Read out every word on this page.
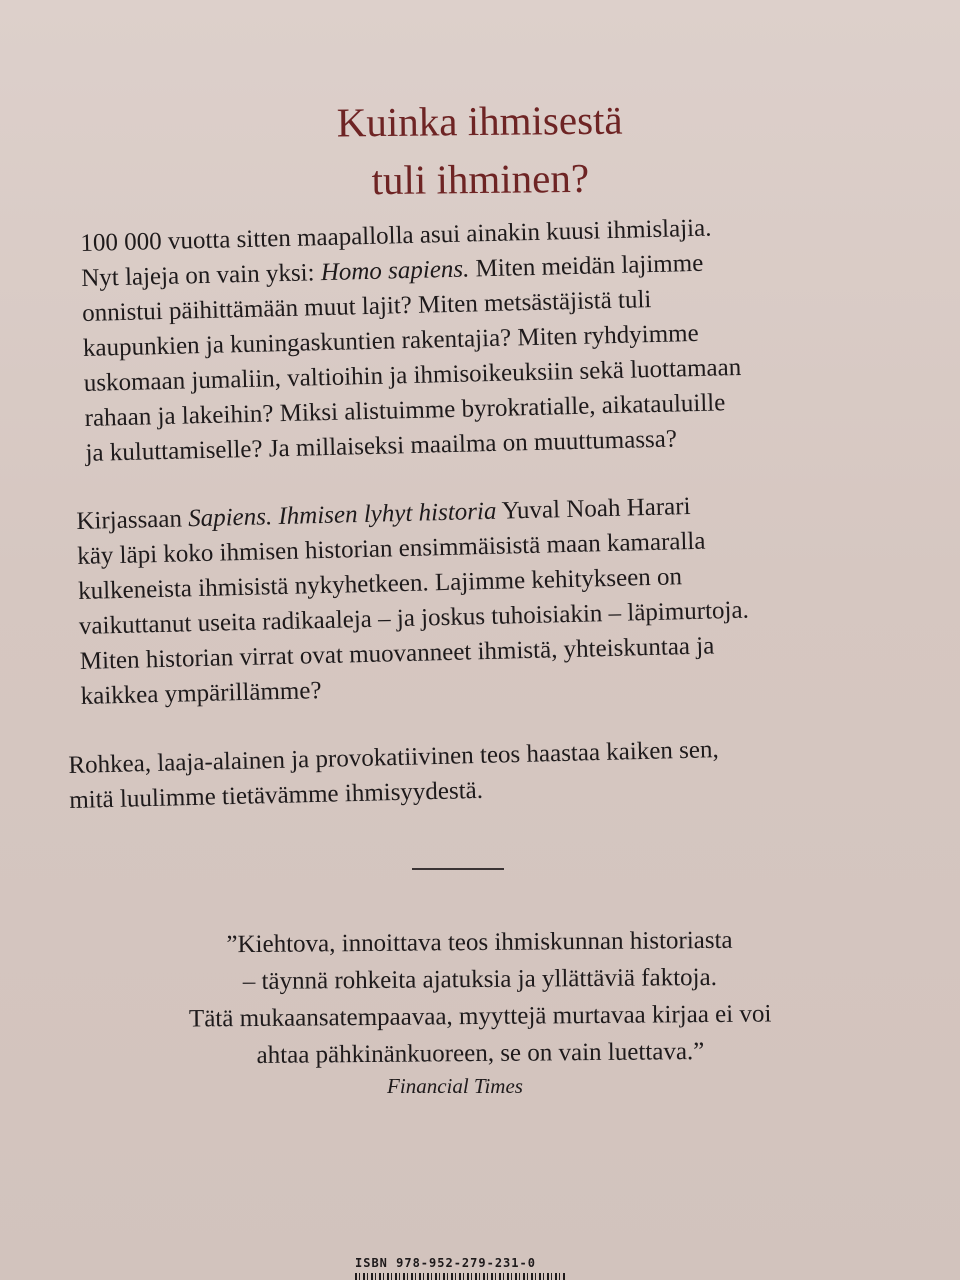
Kuinka ihmisestä
tuli ihminen?
100 000 vuotta sitten maapallolla asui ainakin kuusi ihmislajia.
Nyt lajeja on vain yksi: Homo sapiens. Miten meidän lajimme
onnistui päihittämään muut lajit? Miten metsästäjistä tuli
kaupunkien ja kuningaskuntien rakentajia? Miten ryhdyimme
uskomaan jumaliin, valtioihin ja ihmisoikeuksiin sekä luottamaan
rahaan ja lakeihin? Miksi alistuimme byrokratialle, aikatauluille
ja kuluttamiselle? Ja millaiseksi maailma on muuttumassa?
Kirjassaan Sapiens. Ihmisen lyhyt historia Yuval Noah Harari
käy läpi koko ihmisen historian ensimmäisistä maan kamaralla
kulkeneista ihmisistä nykyhetkeen. Lajimme kehitykseen on
vaikuttanut useita radikaaleja – ja joskus tuhoisiakin – läpimurtoja.
Miten historian virrat ovat muovanneet ihmistä, yhteiskuntaa ja
kaikkea ympärillämme?
Rohkea, laaja-alainen ja provokatiivinen teos haastaa kaiken sen,
mitä luulimme tietävämme ihmisyydestä.
”Kiehtova, innoittava teos ihmiskunnan historiasta
– täynnä rohkeita ajatuksia ja yllättäviä faktoja.
Tätä mukaansatempaavaa, myyttejä murtavaa kirjaa ei voi
ahtaa pähkinänkuoreen, se on vain luettava.”
Financial Times
ISBN 978-952-279-231-0
